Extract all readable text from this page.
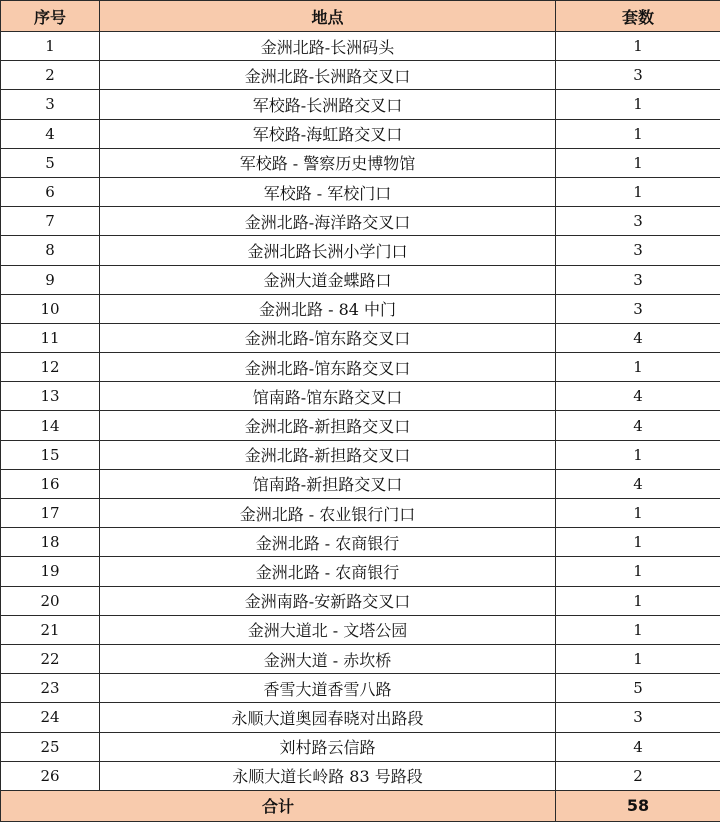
序号	地点	套数
1	金洲北路-长洲码头	1
2	金洲北路-长洲路交叉口	3
3	军校路-长洲路交叉口	1
4	军校路-海虹路交叉口	1
5	军校路 - 警察历史博物馆	1
6	军校路 - 军校门口	1
7	金洲北路-海洋路交叉口	3
8	金洲北路长洲小学门口	3
9	金洲大道金蝶路口	3
10	金洲北路 - 84 中门	3
11	金洲北路-馆东路交叉口	4
12	金洲北路-馆东路交叉口	1
13	馆南路-馆东路交叉口	4
14	金洲北路-新担路交叉口	4
15	金洲北路-新担路交叉口	1
16	馆南路-新担路交叉口	4
17	金洲北路 - 农业银行门口	1
18	金洲北路 - 农商银行	1
19	金洲北路 - 农商银行	1
20	金洲南路-安新路交叉口	1
21	金洲大道北 - 文塔公园	1
22	金洲大道 - 赤坎桥	1
23	香雪大道香雪八路	5
24	永顺大道奥园春晓对出路段	3
25	刘村路云信路	4
26	永顺大道长岭路 83 号路段	2
合计		58
